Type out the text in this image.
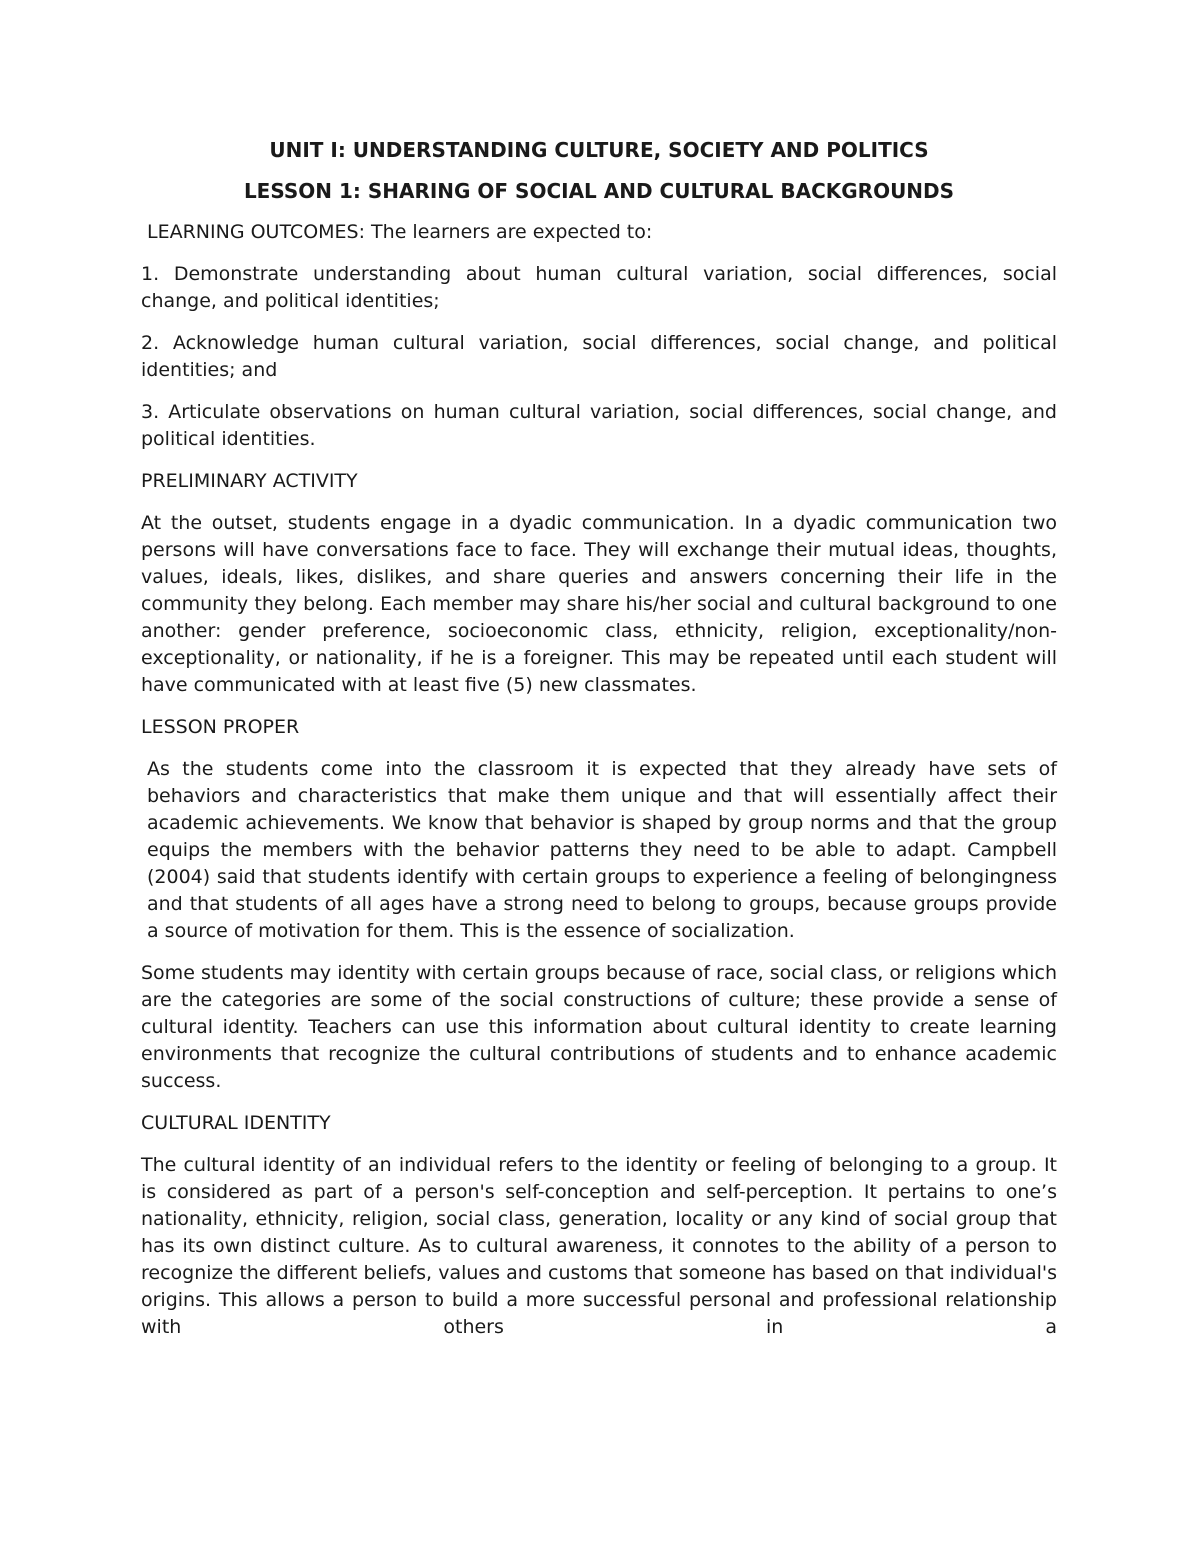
UNIT I: UNDERSTANDING CULTURE, SOCIETY AND POLITICS
LESSON 1: SHARING OF SOCIAL AND CULTURAL BACKGROUNDS

LEARNING OUTCOMES: The learners are expected to:

1. Demonstrate understanding about human cultural variation, social differences, social change, and political identities;

2. Acknowledge human cultural variation, social differences, social change, and political identities; and

3. Articulate observations on human cultural variation, social differences, social change, and political identities.

PRELIMINARY ACTIVITY

At the outset, students engage in a dyadic communication. In a dyadic communication two persons will have conversations face to face. They will exchange their mutual ideas, thoughts, values, ideals, likes, dislikes, and share queries and answers concerning their life in the community they belong. Each member may share his/her social and cultural background to one another: gender preference, socioeconomic class, ethnicity, religion, exceptionality/non-exceptionality, or nationality, if he is a foreigner. This may be repeated until each student will have communicated with at least five (5) new classmates.

LESSON PROPER

As the students come into the classroom it is expected that they already have sets of behaviors and characteristics that make them unique and that will essentially affect their academic achievements. We know that behavior is shaped by group norms and that the group equips the members with the behavior patterns they need to be able to adapt. Campbell (2004) said that students identify with certain groups to experience a feeling of belongingness and that students of all ages have a strong need to belong to groups, because groups provide a source of motivation for them. This is the essence of socialization.

Some students may identity with certain groups because of race, social class, or religions which are the categories are some of the social constructions of culture; these provide a sense of cultural identity. Teachers can use this information about cultural identity to create learning environments that recognize the cultural contributions of students and to enhance academic success.

CULTURAL IDENTITY

The cultural identity of an individual refers to the identity or feeling of belonging to a group. It is considered as part of a person's self-conception and self-perception. It pertains to one’s nationality, ethnicity, religion, social class, generation, locality or any kind of social group that has its own distinct culture. As to cultural awareness, it connotes to the ability of a person to recognize the different beliefs, values and customs that someone has based on that individual's origins. This allows a person to build a more successful personal and professional relationship with others in a
